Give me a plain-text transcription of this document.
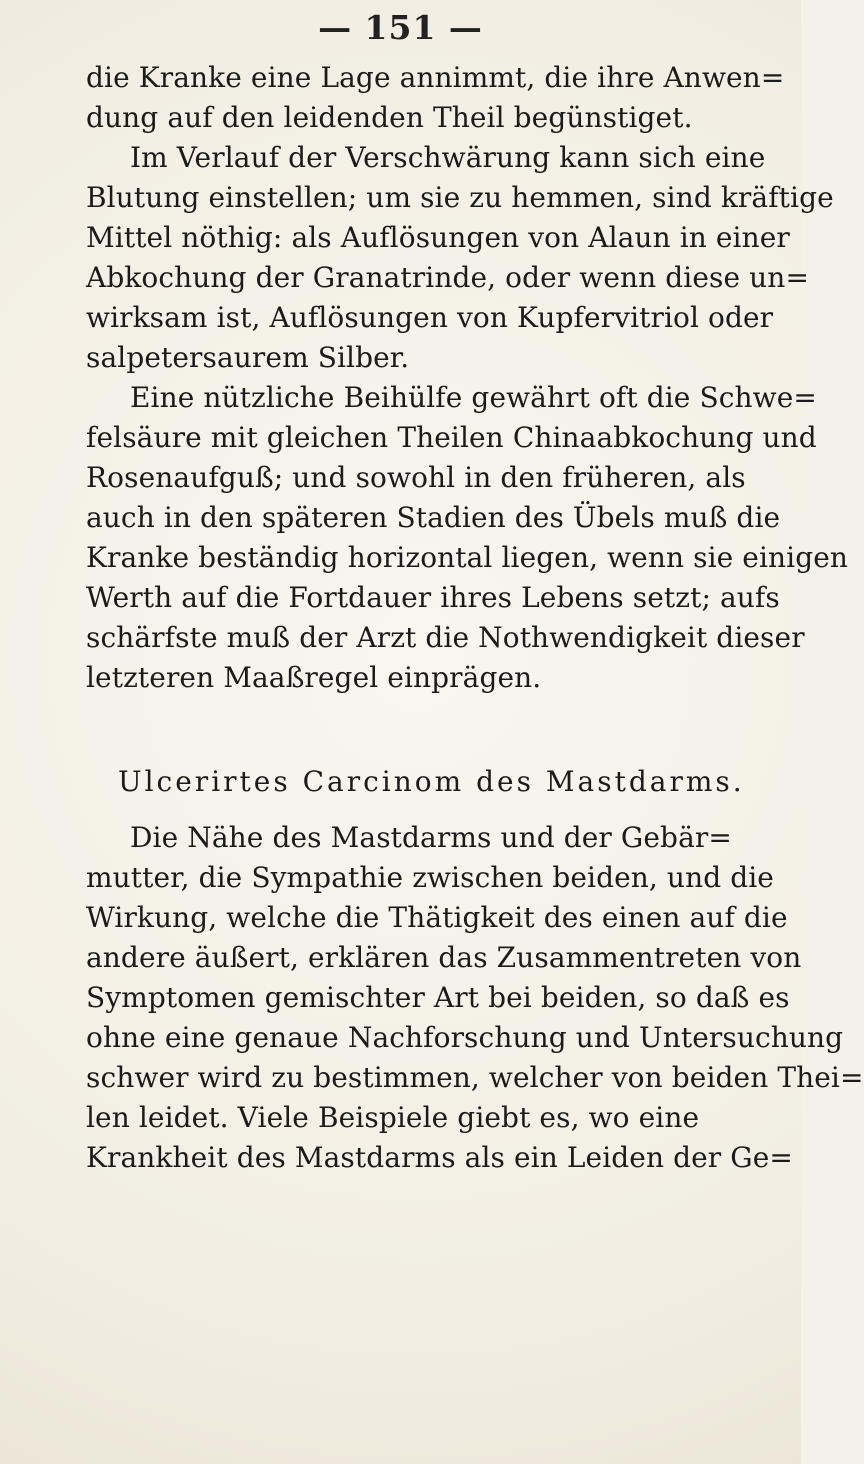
— 151 —
die Kranke eine Lage annimmt, die ihre Anwen=
dung auf den leidenden Theil begünstiget.
Im Verlauf der Verschwärung kann sich eine
Blutung einstellen; um sie zu hemmen, sind kräftige
Mittel nöthig: als Auflösungen von Alaun in einer
Abkochung der Granatrinde, oder wenn diese un=
wirksam ist, Auflösungen von Kupfervitriol oder
salpetersaurem Silber.
Eine nützliche Beihülfe gewährt oft die Schwe=
felsäure mit gleichen Theilen Chinaabkochung und
Rosenaufguß; und sowohl in den früheren, als
auch in den späteren Stadien des Übels muß die
Kranke beständig horizontal liegen, wenn sie einigen
Werth auf die Fortdauer ihres Lebens setzt; aufs
schärfste muß der Arzt die Nothwendigkeit dieser
letzteren Maaßregel einprägen.
Ulcerirtes Carcinom des Mastdarms.
Die Nähe des Mastdarms und der Gebär=
mutter, die Sympathie zwischen beiden, und die
Wirkung, welche die Thätigkeit des einen auf die
andere äußert, erklären das Zusammentreten von
Symptomen gemischter Art bei beiden, so daß es
ohne eine genaue Nachforschung und Untersuchung
schwer wird zu bestimmen, welcher von beiden Thei=
len leidet. Viele Beispiele giebt es, wo eine
Krankheit des Mastdarms als ein Leiden der Ge=
